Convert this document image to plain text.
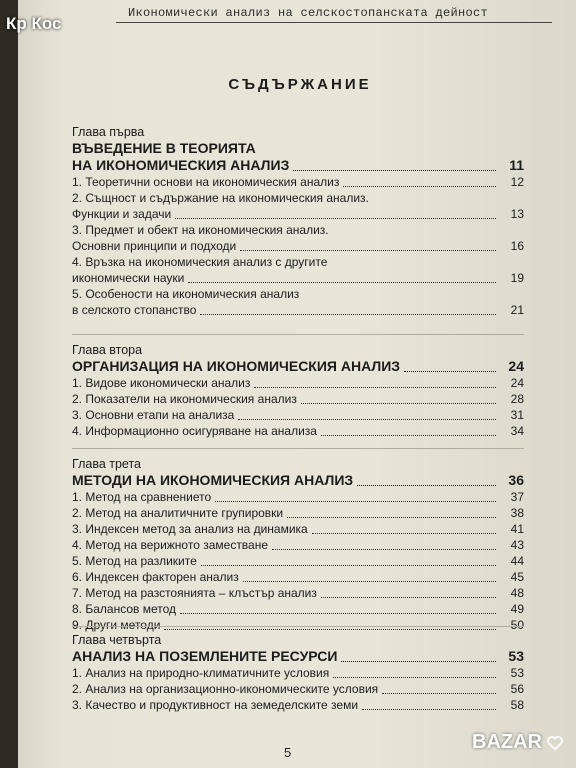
Икономически анализ на селскостопанската дейност
Кр Кос
СЪДЪРЖАНИЕ
Глава първа
ВЪВЕДЕНИЕ В ТЕОРИЯТА
НА ИКОНОМИЧЕСКИЯ АНАЛИЗ	11
1. Теоретични основи на икономическия анализ	12
2. Същност и съдържание на икономическия анализ.
Функции и задачи	13
3. Предмет и обект на икономическия анализ.
Основни принципи и подходи	16
4. Връзка на икономическия анализ с другите
икономически науки	19
5. Особености на икономическия анализ
в селското стопанство	21
Глава втора
ОРГАНИЗАЦИЯ НА ИКОНОМИЧЕСКИЯ АНАЛИЗ	24
1. Видове икономически анализ	24
2. Показатели на икономическия анализ	28
3. Основни етапи на анализа	31
4. Информационно осигуряване на анализа	34
Глава трета
МЕТОДИ НА ИКОНОМИЧЕСКИЯ АНАЛИЗ	36
1. Метод на сравнението	37
2. Метод на аналитичните групировки	38
3. Индексен метод за анализ на динамика	41
4. Метод на верижното заместване	43
5. Метод на разликите	44
6. Индексен факторен анализ	45
7. Метод на разстоянията – клъстър анализ	48
8. Балансов метод	49
9. Други методи	50
Глава четвърта
АНАЛИЗ НА ПОЗЕМЛЕНИТЕ РЕСУРСИ	53
1. Анализ на природно-климатичните условия	53
2. Анализ на организационно-икономическите условия	56
3. Качество и продуктивност на земеделските земи	58
5	BAZAR
